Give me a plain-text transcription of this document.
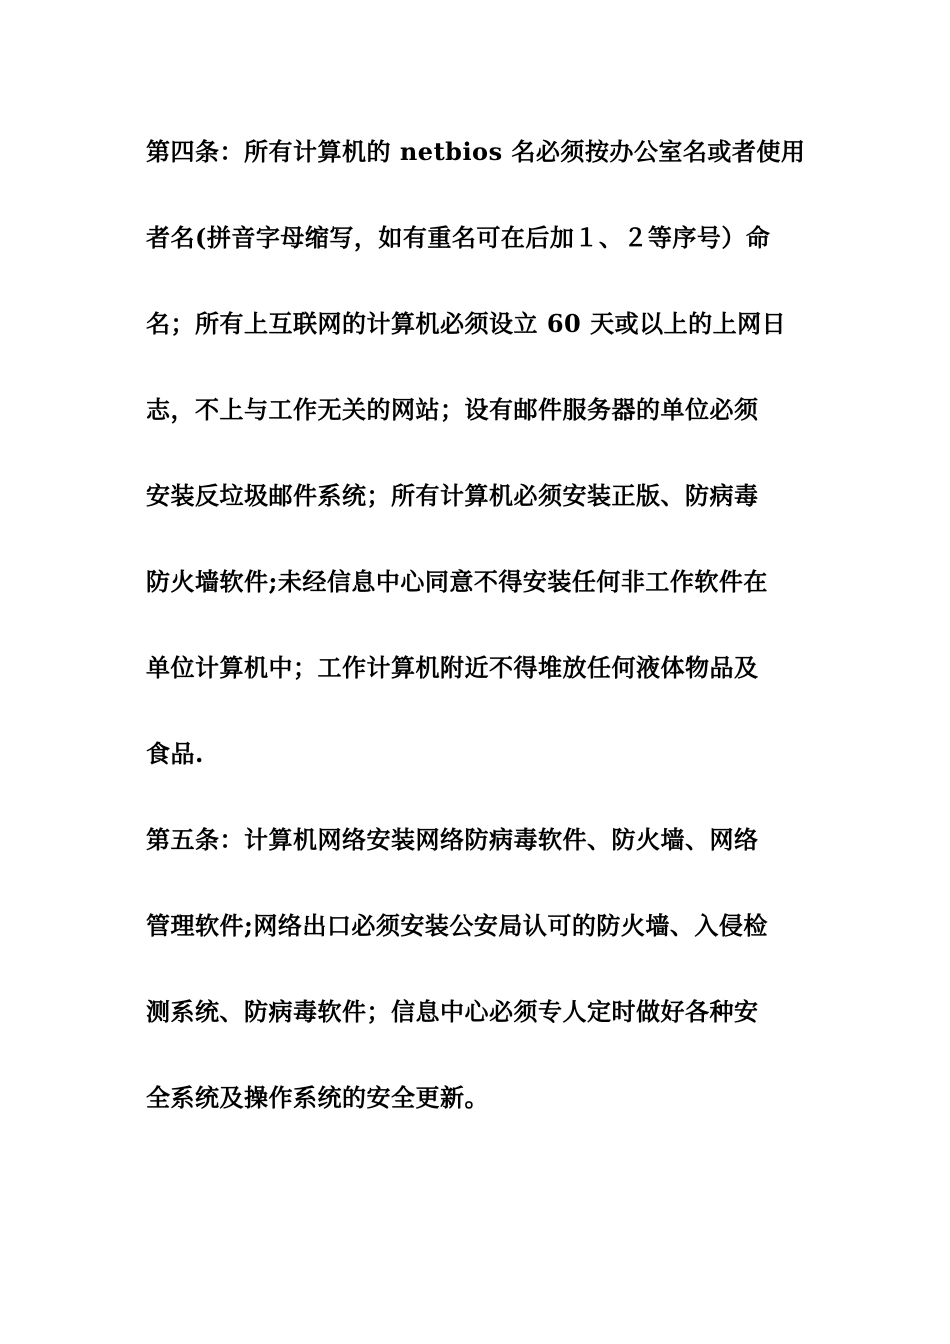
第四条：所有计算机的 netbios 名必须按办公室名或者使用
者名(拼音字母缩写，如有重名可在后加１、２等序号）命
名；所有上互联网的计算机必须设立 60 天或以上的上网日
志，不上与工作无关的网站；设有邮件服务器的单位必须
安装反垃圾邮件系统；所有计算机必须安装正版、防病毒
防火墙软件;未经信息中心同意不得安装任何非工作软件在
单位计算机中；工作计算机附近不得堆放任何液体物品及
食品.
第五条：计算机网络安装网络防病毒软件、防火墙、网络
管理软件;网络出口必须安装公安局认可的防火墙、入侵检
测系统、防病毒软件；信息中心必须专人定时做好各种安
全系统及操作系统的安全更新。
